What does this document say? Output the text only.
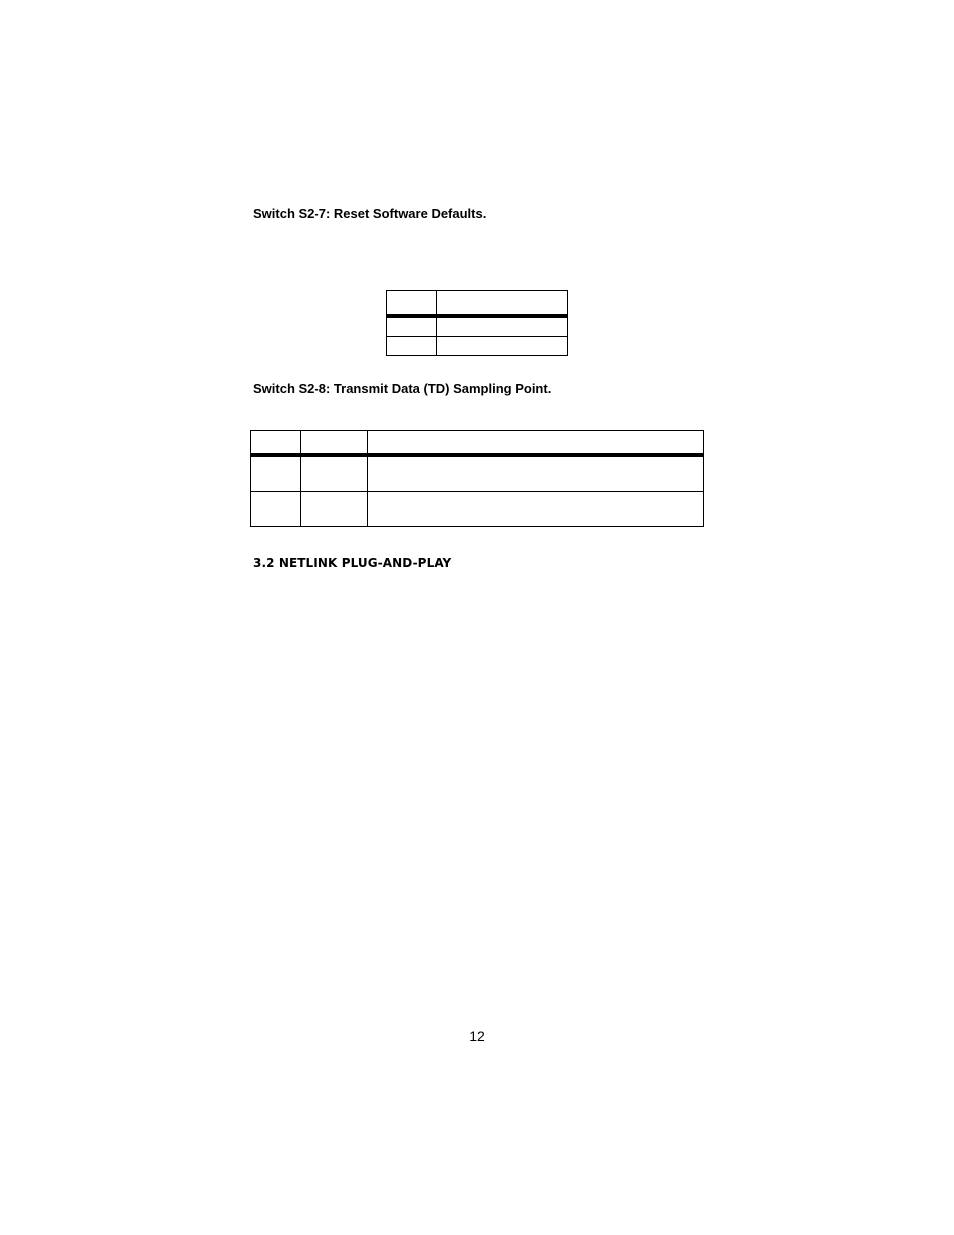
Switch S2-7: Reset Software Defaults.

Switch S2-8: Transmit Data (TD) Sampling Point.

3.2 NETLINK PLUG-AND-PLAY
12
